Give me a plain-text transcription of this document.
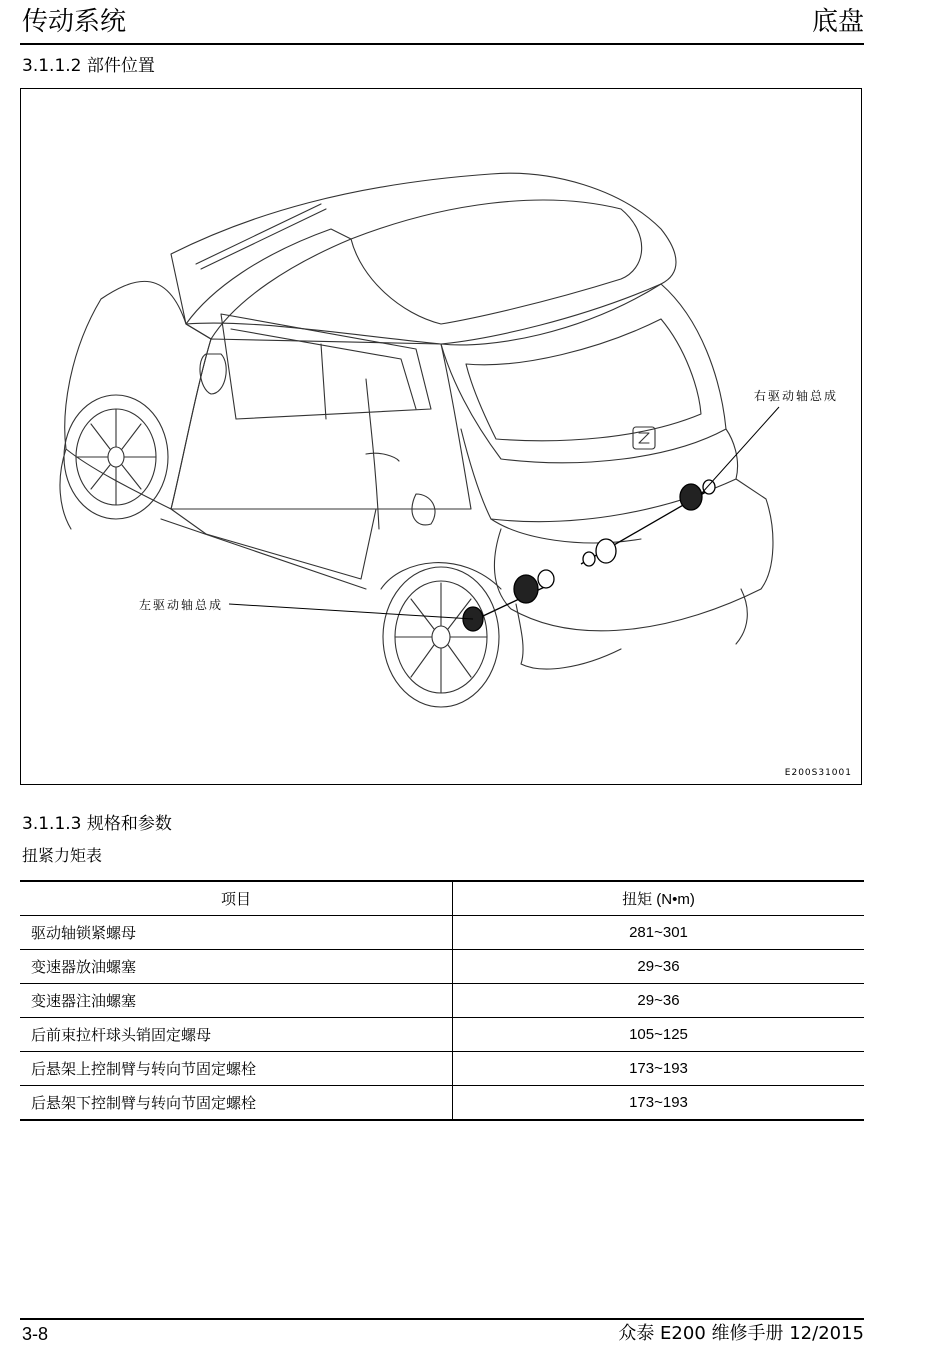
传动系统	底盘
3.1.1.2 部件位置
右驱动轴总成
左驱动轴总成
E200S31001
3.1.1.3 规格和参数
扭紧力矩表
项目	扭矩 (N•m)
驱动轴锁紧螺母	281~301
变速器放油螺塞	29~36
变速器注油螺塞	29~36
后前束拉杆球头销固定螺母	105~125
后悬架上控制臂与转向节固定螺栓	173~193
后悬架下控制臂与转向节固定螺栓	173~193
3-8	众泰 E200 维修手册 12/2015
